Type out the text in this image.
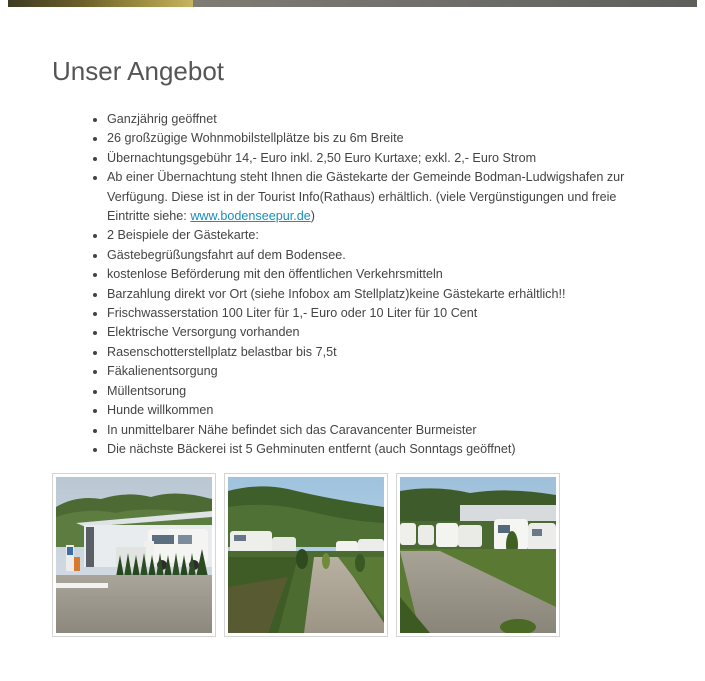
Unser Angebot
• Ganzjährig geöffnet
• 26 großzügige Wohnmobilstellplätze bis zu 6m Breite
• Übernachtungsgebühr 14,- Euro inkl. 2,50 Euro Kurtaxe; exkl. 2,- Euro Strom
• Ab einer Übernachtung steht Ihnen die Gästekarte der Gemeinde Bodman-Ludwigshafen zur Verfügung. Diese ist in der Tourist Info(Rathaus) erhältlich. (viele Vergünstigungen und freie Eintritte siehe: www.bodenseepur.de)
• 2 Beispiele der Gästekarte:
• Gästebegrüßungsfahrt auf dem Bodensee.
• kostenlose Beförderung mit den öffentlichen Verkehrsmitteln
• Barzahlung direkt vor Ort (siehe Infobox am Stellplatz)keine Gästekarte erhältlich!!
• Frischwasserstation 100 Liter für 1,- Euro oder 10 Liter für 10 Cent
• Elektrische Versorgung vorhanden
• Rasenschotterstellplatz belastbar bis 7,5t
• Fäkalienentsorgung
• Müllentsorung
• Hunde willkommen
• In unmittelbarer Nähe befindet sich das Caravancenter Burmeister
• Die nächste Bäckerei ist 5 Gehminuten entfernt (auch Sonntags geöffnet)
